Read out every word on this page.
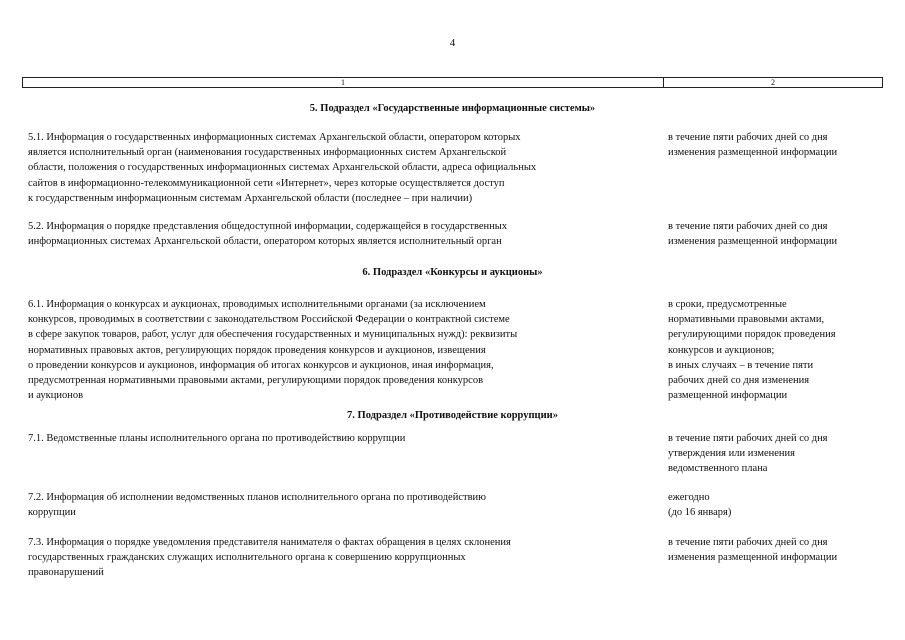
4
1	2
5. Подраздел «Государственные информационные системы»
5.1. Информация о государственных информационных системах Архангельской области, оператором которых
является исполнительный орган (наименования государственных информационных систем Архангельской
области, положения о государственных информационных системах Архангельской области, адреса официальных
сайтов в информационно-телекоммуникационной сети «Интернет», через которые осуществляется доступ
к государственным информационным системам Архангельской области (последнее – при наличии)
в течение пяти рабочих дней со дня
изменения размещенной информации
5.2. Информация о порядке представления общедоступной информации, содержащейся в государственных
информационных системах Архангельской области, оператором которых является исполнительный орган
в течение пяти рабочих дней со дня
изменения размещенной информации
6. Подраздел «Конкурсы и аукционы»
6.1. Информация о конкурсах и аукционах, проводимых исполнительными органами (за исключением
конкурсов, проводимых в соответствии с законодательством Российской Федерации о контрактной системе
в сфере закупок товаров, работ, услуг для обеспечения государственных и муниципальных нужд): реквизиты
нормативных правовых актов, регулирующих порядок проведения конкурсов и аукционов, извещения
о проведении конкурсов и аукционов, информация об итогах конкурсов и аукционов, иная информация,
предусмотренная нормативными правовыми актами, регулирующими порядок проведения конкурсов
и аукционов
в сроки, предусмотренные
нормативными правовыми актами,
регулирующими порядок проведения
конкурсов и аукционов;
в иных случаях – в течение пяти
рабочих дней со дня изменения
размещенной информации
7. Подраздел «Противодействие коррупции»
7.1. Ведомственные планы исполнительного органа по противодействию коррупции	в течение пяти рабочих дней со дня
утверждения или изменения
ведомственного плана
7.2. Информация об исполнении ведомственных планов исполнительного органа по противодействию
коррупции
ежегодно
(до 16 января)
7.3. Информация о порядке уведомления представителя нанимателя о фактах обращения в целях склонения
государственных гражданских служащих исполнительного органа к совершению коррупционных
правонарушений
в течение пяти рабочих дней со дня
изменения размещенной информации
